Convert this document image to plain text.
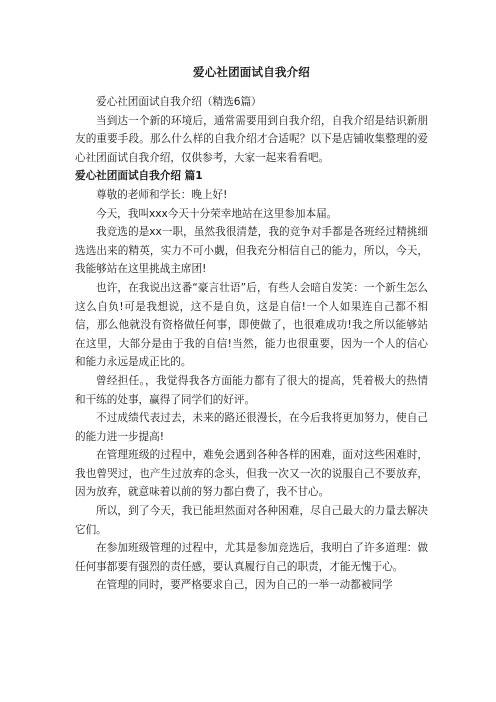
爱心社团面试自我介绍

爱心社团面试自我介绍（精选6篇）

当到达一个新的环境后，通常需要用到自我介绍，自我介绍是结识新朋友的重要手段。那么什么样的自我介绍才合适呢？以下是店铺收集整理的爱心社团面试自我介绍，仅供参考，大家一起来看看吧。

爱心社团面试自我介绍 篇1

尊敬的老师和学长：晚上好!

今天，我叫xxx今天十分荣幸地站在这里参加本届。

我竞选的是xx一职，虽然我很清楚，我的竞争对手都是各班经过精挑细选选出来的精英，实力不可小觑，但我充分相信自己的能力，所以，今天，我能够站在这里挑战主席团!

也许，在我说出这番“豪言壮语”后，有些人会暗自发笑：一个新生怎么这么自负!可是我想说，这不是自负，这是自信!一个人如果连自己都不相信，那么他就没有资格做任何事，即使做了，也很难成功!我之所以能够站在这里，大部分是由于我的自信!当然，能力也很重要，因为一个人的信心和能力永远是成正比的。

曾经担任。，我觉得我各方面能力都有了很大的提高，凭着极大的热情和干练的处事，赢得了同学们的好评。

不过成绩代表过去，未来的路还很漫长，在今后我将更加努力，使自己的能力进一步提高!

在管理班级的过程中，难免会遇到各种各样的困难，面对这些困难时，我也曾哭过，也产生过放弃的念头，但我一次又一次的说服自己不要放弃，因为放弃，就意味着以前的努力都白费了，我不甘心。

所以，到了今天，我已能坦然面对各种困难，尽自己最大的力量去解决它们。

在参加班级管理的过程中，尤其是参加竞选后，我明白了许多道理：做任何事都要有强烈的责任感，要认真履行自己的职责，才能无愧于心。

在管理的同时，要严格要求自己，因为自己的一举一动都被同学
